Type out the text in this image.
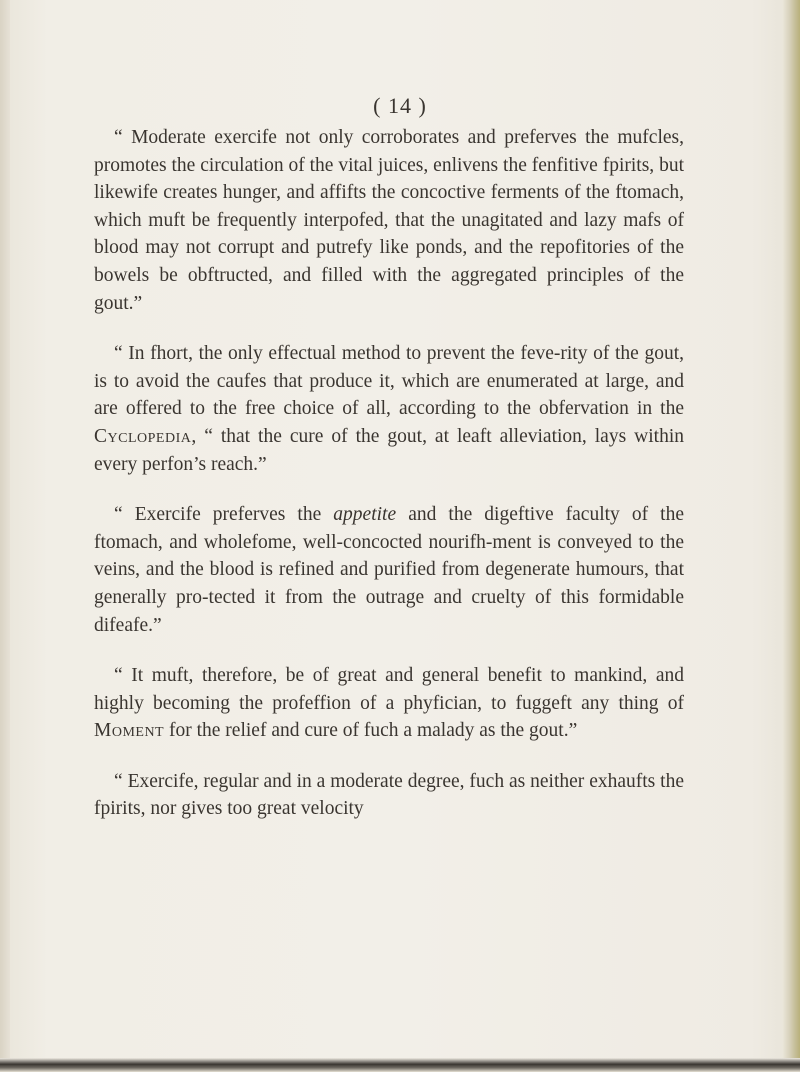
( 14 )

“ Moderate exercife not only corroborates and preferves the mufcles, promotes the circulation of the vital juices, enlivens the fenfitive fpirits, but likewife creates hunger, and affifts the concoctive ferments of the ftomach, which muft be frequently interpofed, that the unagitated and lazy mafs of blood may not corrupt and putrefy like ponds, and the repofitories of the bowels be obftructed, and filled with the aggregated principles of the gout.”

“ In fhort, the only effectual method to prevent the feve-rity of the gout, is to avoid the caufes that produce it, which are enumerated at large, and are offered to the free choice of all, according to the obfervation in the Cyclopedia, “ that the cure of the gout, at leaft alleviation, lays within every perfon’s reach.”

“ Exercife preferves the appetite and the digeftive faculty of the ftomach, and wholefome, well-concocted nourifh-ment is conveyed to the veins, and the blood is refined and purified from degenerate humours, that generally pro-tected it from the outrage and cruelty of this formidable difeafe.”

“ It muft, therefore, be of great and general benefit to mankind, and highly becoming the profeffion of a phyfician, to fuggeft any thing of Moment for the relief and cure of fuch a malady as the gout.”

“ Exercife, regular and in a moderate degree, fuch as neither exhaufts the fpirits, nor gives too great velocity
